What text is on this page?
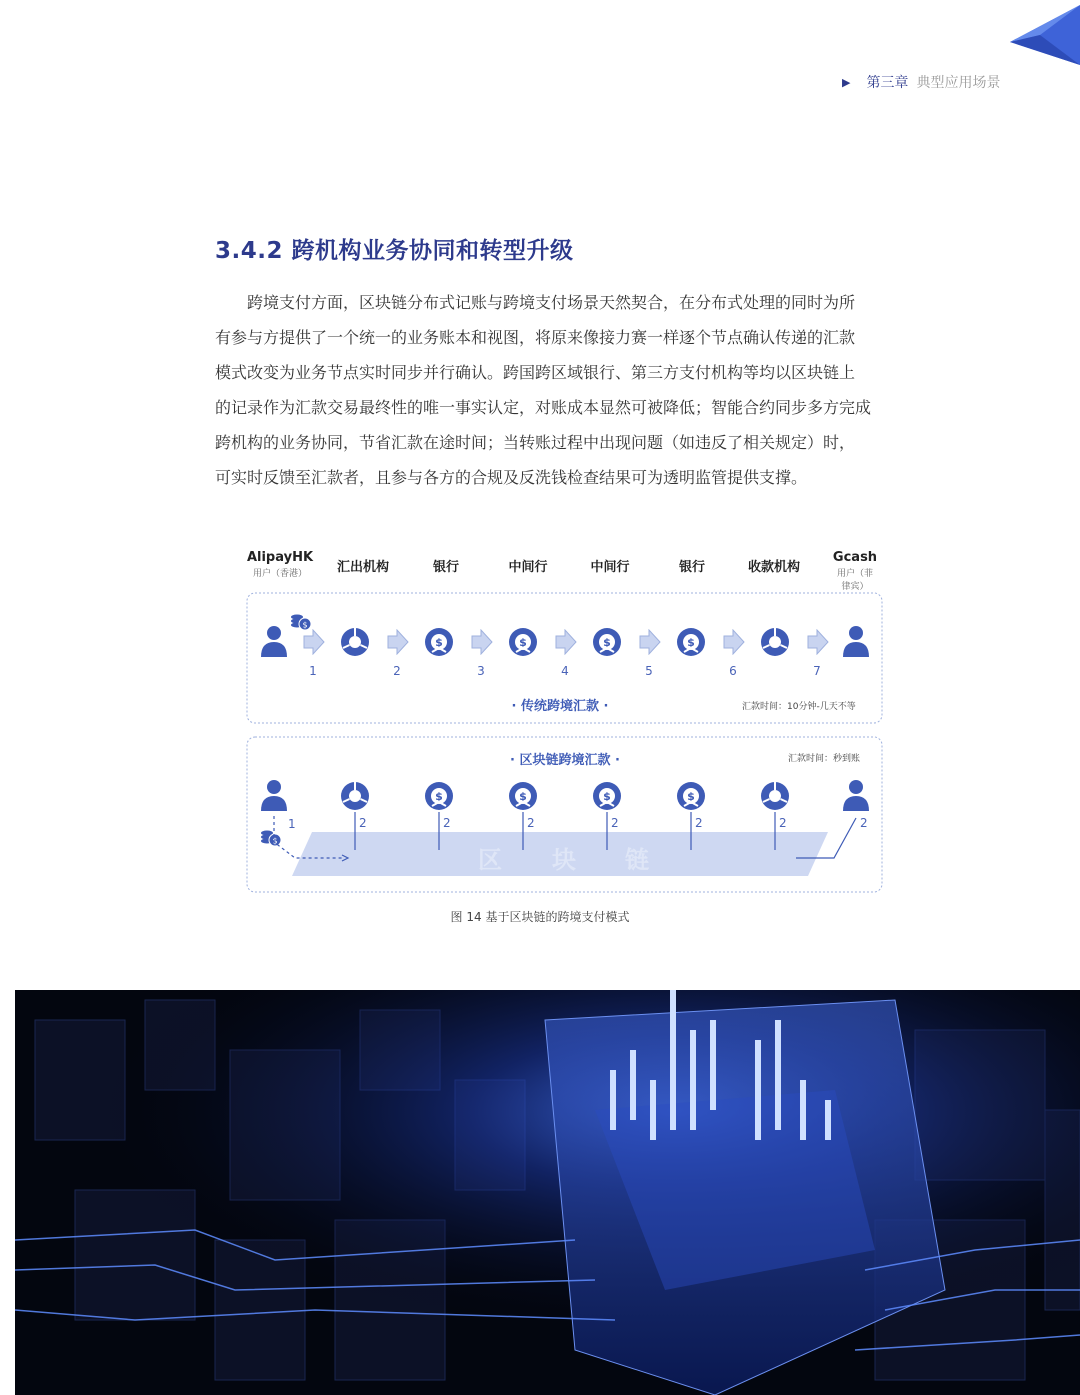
▶ 第三章 典型应用场景
3.4.2 跨机构业务协同和转型升级
　　跨境支付方面，区块链分布式记账与跨境支付场景天然契合，在分布式处理的同时为所
有参与方提供了一个统一的业务账本和视图，将原来像接力赛一样逐个节点确认传递的汇款
模式改变为业务节点实时同步并行确认。跨国跨区域银行、第三方支付机构等均以区块链上
的记录作为汇款交易最终性的唯一事实认定，对账成本显然可被降低；智能合约同步多方完成
跨机构的业务协同，节省汇款在途时间；当转账过程中出现问题（如违反了相关规定）时，
可实时反馈至汇款者，且参与各方的合规及反洗钱检查结果可为透明监管提供支撑。
AlipayHK
用户（香港）	汇出机构	银行	中间行	中间行	银行	收款机构
Gcash
用户（菲律宾）
1	2	3	4	5	6	7
· 传统跨境汇款 ·	汇款时间：10分钟-几天不等
· 区块链跨境汇款 ·	汇款时间：秒到账
1	2	2	2	2	2	2	2
区 块 链
图 14 基于区块链的跨境支付模式
